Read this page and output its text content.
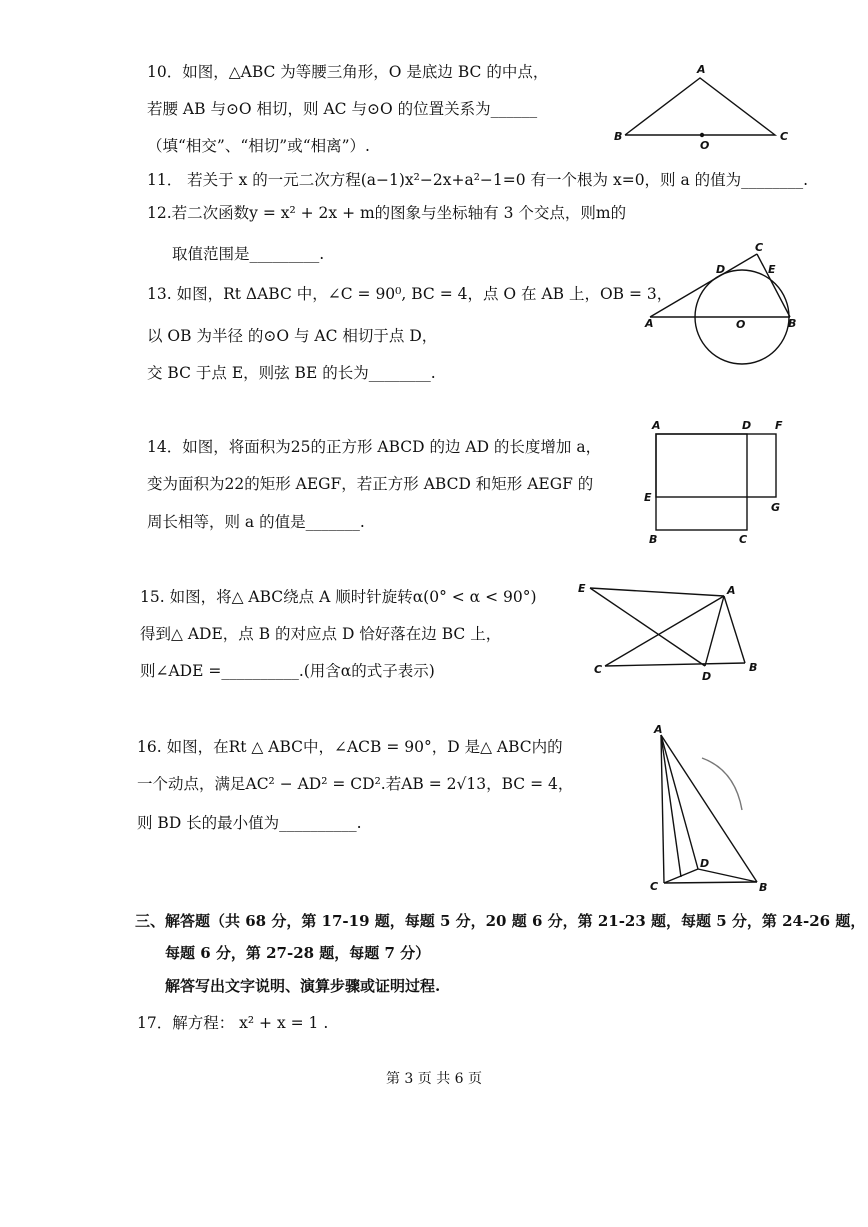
10．如图，△ABC 为等腰三角形，O 是底边 BC 的中点，
若腰 AB 与⊙O 相切，则 AC 与⊙O 的位置关系为______
（填“相交”、“相切”或“相离”）.
A
B	C
O
11． 若关于 x 的一元二次方程(a−1)x²−2x+a²−1=0 有一个根为 x=0，则 a 的值为________.
12.若二次函数y = x² + 2x + m的图象与坐标轴有 3 个交点，则m的
取值范围是_________.
13. 如图，Rt ΔABC 中，∠C = 90⁰, BC = 4，点 O 在 AB 上，OB = 3，
以 OB 为半径 的⊙O 与 AC 相切于点 D，
交 BC 于点 E，则弦 BE 的长为________.
C
D	E
A	O	B
14．如图，将面积为25的正方形 ABCD 的边 AD 的长度增加 a，
变为面积为22的矩形 AEGF，若正方形 ABCD 和矩形 AEGF 的
周长相等，则 a 的值是_______.
A	D F
E
G
B	C
15. 如图，将△ ABC绕点 A 顺时针旋转α(0° < α < 90°)
得到△ ADE，点 B 的对应点 D 恰好落在边 BC 上，
则∠ADE =__________.(用含α的式子表示)
E	A
C
D
B
16. 如图，在Rt △ ABC中，∠ACB = 90°，D 是△ ABC内的
一个动点，满足AC² − AD² = CD².若AB = 2√13，BC = 4，
则 BD 长的最小值为__________.
A
D
C	B
三、解答题（共 68 分，第 17-19 题，每题 5 分，20 题 6 分，第 21-23 题，每题 5 分，第 24-26 题，
每题 6 分，第 27-28 题，每题 7 分）
解答写出文字说明、演算步骤或证明过程.
17．解方程： x² + x = 1 .
第 3 页 共 6 页
